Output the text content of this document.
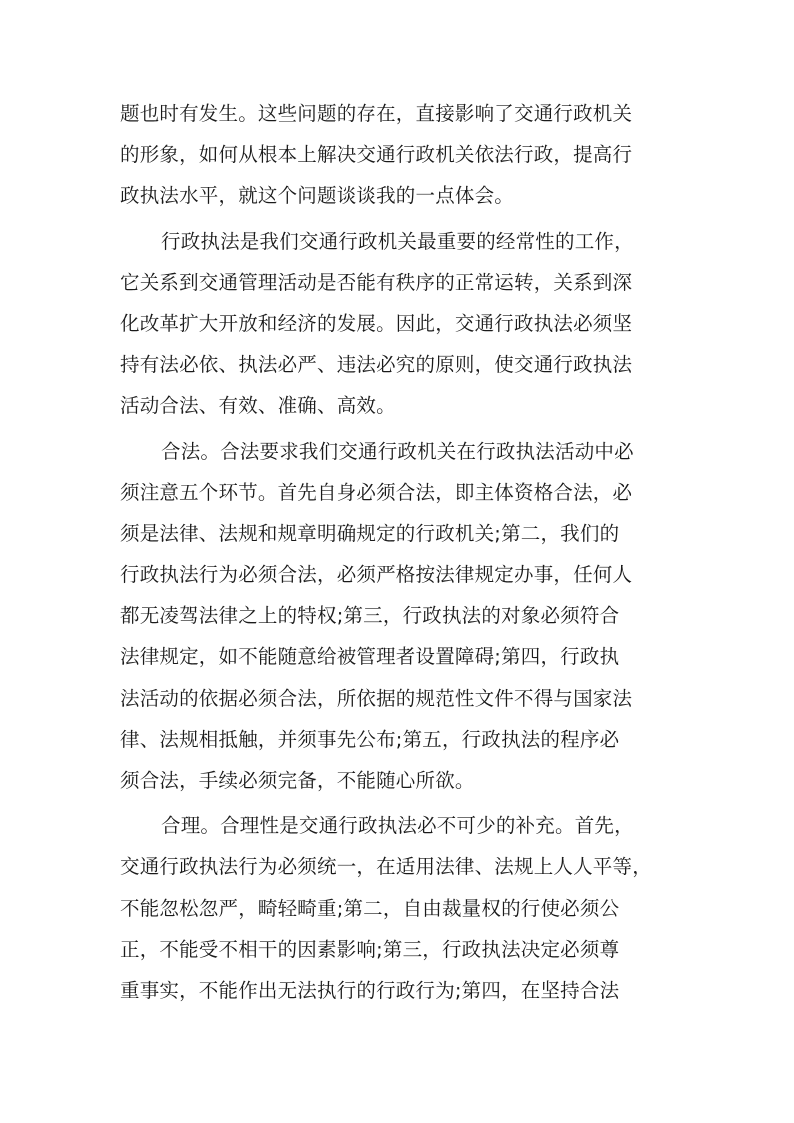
题也时有发生。这些问题的存在，直接影响了交通行政机关
的形象，如何从根本上解决交通行政机关依法行政，提高行
政执法水平，就这个问题谈谈我的一点体会。
行政执法是我们交通行政机关最重要的经常性的工作，
它关系到交通管理活动是否能有秩序的正常运转，关系到深
化改革扩大开放和经济的发展。因此，交通行政执法必须坚
持有法必依、执法必严、违法必究的原则，使交通行政执法
活动合法、有效、准确、高效。
合法。合法要求我们交通行政机关在行政执法活动中必
须注意五个环节。首先自身必须合法，即主体资格合法，必
须是法律、法规和规章明确规定的行政机关;第二，我们的
行政执法行为必须合法，必须严格按法律规定办事，任何人
都无凌驾法律之上的特权;第三，行政执法的对象必须符合
法律规定，如不能随意给被管理者设置障碍;第四，行政执
法活动的依据必须合法，所依据的规范性文件不得与国家法
律、法规相抵触，并须事先公布;第五，行政执法的程序必
须合法，手续必须完备，不能随心所欲。
合理。合理性是交通行政执法必不可少的补充。首先，
交通行政执法行为必须统一，在适用法律、法规上人人平等，
不能忽松忽严，畸轻畸重;第二，自由裁量权的行使必须公
正，不能受不相干的因素影响;第三，行政执法决定必须尊
重事实，不能作出无法执行的行政行为;第四，在坚持合法
